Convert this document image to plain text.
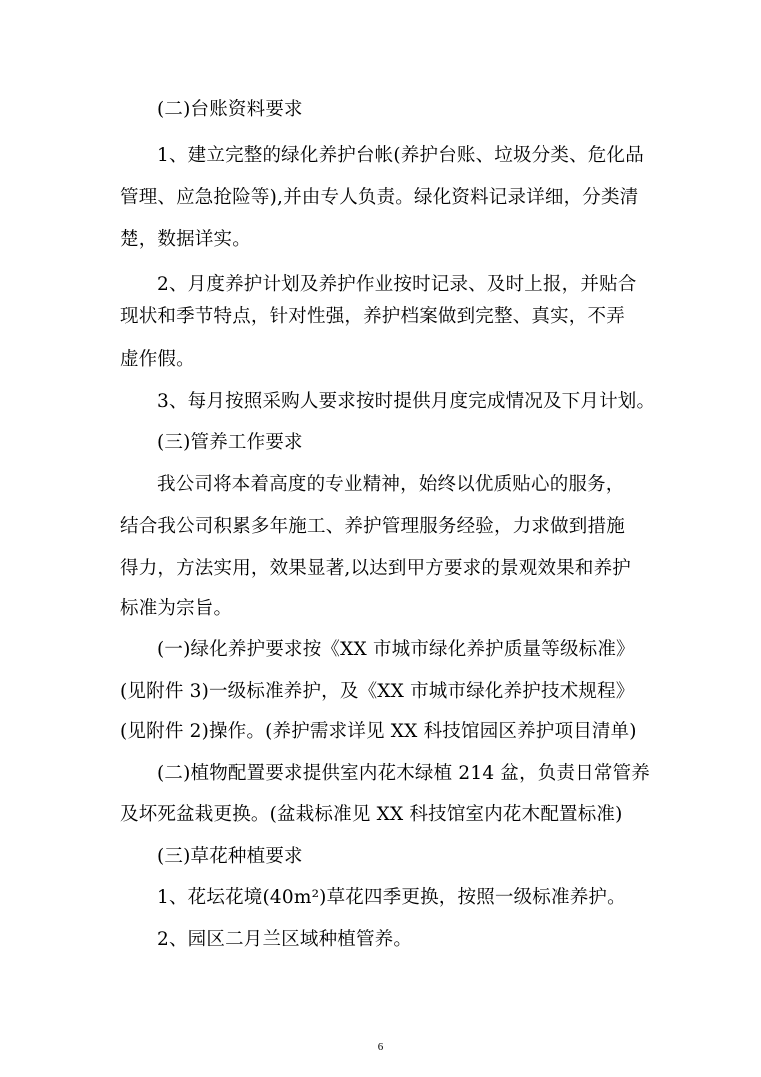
(二)台账资料要求
1、建立完整的绿化养护台帐(养护台账、垃圾分类、危化品
管理、应急抢险等),并由专人负责。绿化资料记录详细，分类清
楚，数据详实。
2、月度养护计划及养护作业按时记录、及时上报，并贴合
现状和季节特点，针对性强，养护档案做到完整、真实，不弄
虚作假。
3、每月按照采购人要求按时提供月度完成情况及下月计划。
(三)管养工作要求
我公司将本着高度的专业精神，始终以优质贴心的服务，
结合我公司积累多年施工、养护管理服务经验，力求做到措施
得力，方法实用，效果显著,以达到甲方要求的景观效果和养护
标准为宗旨。
(一)绿化养护要求按《XX 市城市绿化养护质量等级标准》
(见附件 3)一级标准养护，及《XX 市城市绿化养护技术规程》
(见附件 2)操作。(养护需求详见 XX 科技馆园区养护项目清单)
(二)植物配置要求提供室内花木绿植 214 盆，负责日常管养
及坏死盆栽更换。(盆栽标准见 XX 科技馆室内花木配置标准)
(三)草花种植要求
1、花坛花境(40m²)草花四季更换，按照一级标准养护。
2、园区二月兰区域种植管养。
6
